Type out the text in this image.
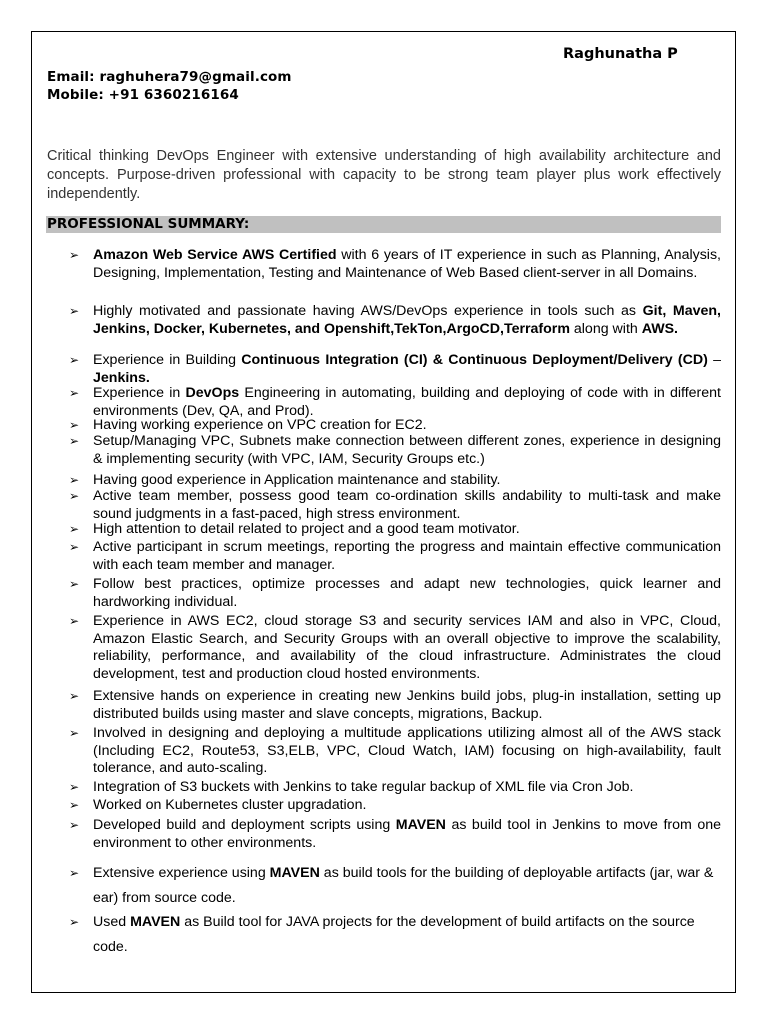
Raghunatha P
Email: raghuhera79@gmail.com
Mobile: +91 6360216164
Critical thinking DevOps Engineer with extensive understanding of high availability architecture and concepts. Purpose-driven professional with capacity to be strong team player plus work effectively independently.
PROFESSIONAL SUMMARY:
➢ Amazon Web Service AWS Certified with 6 years of IT experience in such as Planning, Analysis, Designing, Implementation, Testing and Maintenance of Web Based client-server in all Domains.
➢ Highly motivated and passionate having AWS/DevOps experience in tools such as Git, Maven, Jenkins, Docker, Kubernetes, and Openshift,TekTon,ArgoCD,Terraform along with AWS.
➢ Experience in Building Continuous Integration (CI) & Continuous Deployment/Delivery (CD) – Jenkins.
➢ Experience in DevOps Engineering in automating, building and deploying of code with in different environments (Dev, QA, and Prod).
➢ Having working experience on VPC creation for EC2.
➢ Setup/Managing VPC, Subnets make connection between different zones, experience in designing & implementing security (with VPC, IAM, Security Groups etc.)
➢ Having good experience in Application maintenance and stability.
➢ Active team member, possess good team co-ordination skills andability to multi-task and make sound judgments in a fast-paced, high stress environment.
➢ High attention to detail related to project and a good team motivator.
➢ Active participant in scrum meetings, reporting the progress and maintain effective communication with each team member and manager.
➢ Follow best practices, optimize processes and adapt new technologies, quick learner and hardworking individual.
➢ Experience in AWS EC2, cloud storage S3 and security services IAM and also in VPC, Cloud, Amazon Elastic Search, and Security Groups with an overall objective to improve the scalability, reliability, performance, and availability of the cloud infrastructure. Administrates the cloud development, test and production cloud hosted environments.
➢ Extensive hands on experience in creating new Jenkins build jobs, plug-in installation, setting up distributed builds using master and slave concepts, migrations, Backup.
➢ Involved in designing and deploying a multitude applications utilizing almost all of the AWS stack (Including EC2, Route53, S3,ELB, VPC, Cloud Watch, IAM) focusing on high-availability, fault tolerance, and auto-scaling.
➢ Integration of S3 buckets with Jenkins to take regular backup of XML file via Cron Job.
➢ Worked on Kubernetes cluster upgradation.
➢ Developed build and deployment scripts using MAVEN as build tool in Jenkins to move from one environment to other environments.
➢ Extensive experience using MAVEN as build tools for the building of deployable artifacts (jar, war & ear) from source code.
➢ Used MAVEN as Build tool for JAVA projects for the development of build artifacts on the source code.
